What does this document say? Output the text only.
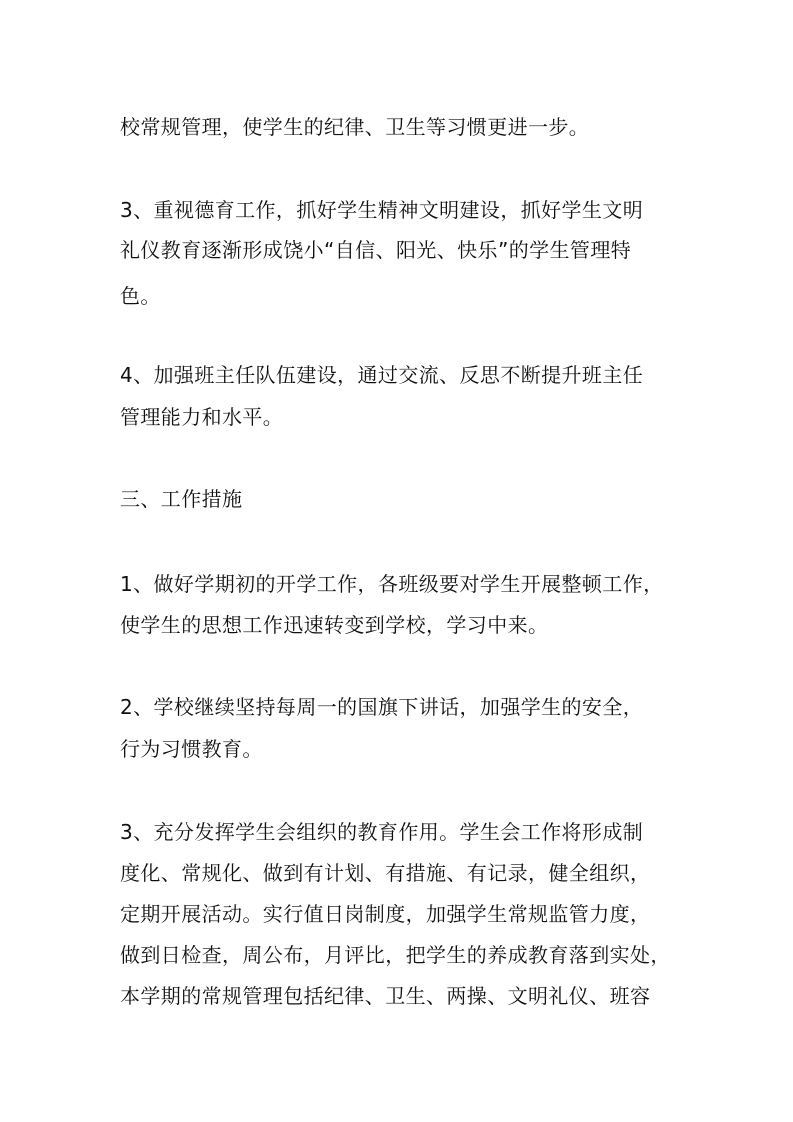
校常规管理，使学生的纪律、卫生等习惯更进一步。
3、重视德育工作，抓好学生精神文明建设，抓好学生文明
礼仪教育逐渐形成饶小“自信、阳光、快乐”的学生管理特
色。
4、加强班主任队伍建设，通过交流、反思不断提升班主任
管理能力和水平。
三、工作措施
1、做好学期初的开学工作，各班级要对学生开展整顿工作，
使学生的思想工作迅速转变到学校，学习中来。
2、学校继续坚持每周一的国旗下讲话，加强学生的安全，
行为习惯教育。
3、充分发挥学生会组织的教育作用。学生会工作将形成制
度化、常规化、做到有计划、有措施、有记录，健全组织，
定期开展活动。实行值日岗制度，加强学生常规监管力度，
做到日检查，周公布，月评比，把学生的养成教育落到实处，
本学期的常规管理包括纪律、卫生、两操、文明礼仪、班容
